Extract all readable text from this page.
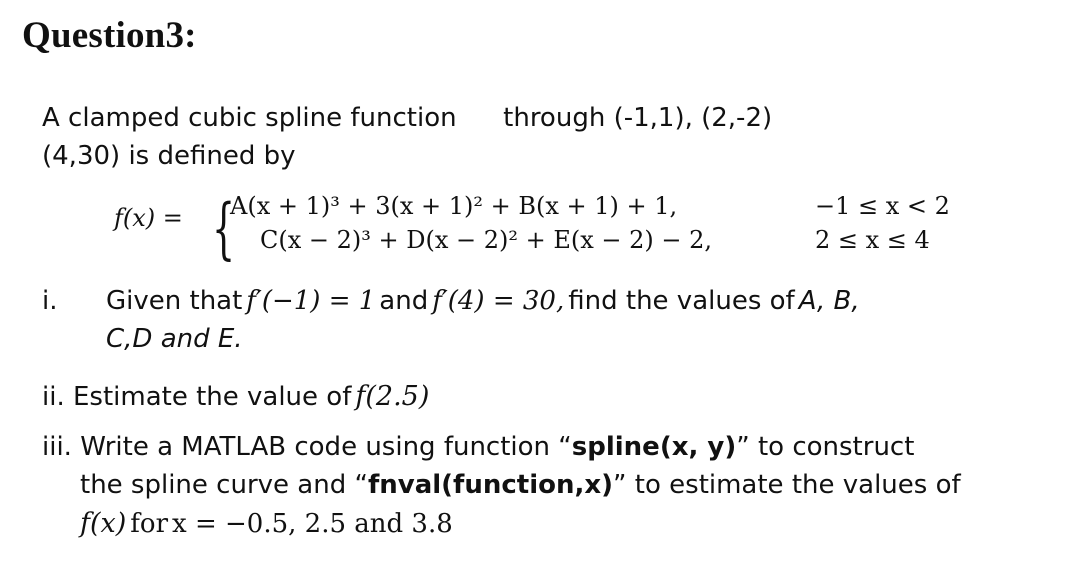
Question3:
A clamped cubic spline function through (-1,1), (2,-2)
(4,30) is defined by
f(x) = {
A(x + 1)³ + 3(x + 1)² + B(x + 1) + 1,	−1 ≤ x < 2
C(x − 2)³ + D(x − 2)² + E(x − 2) − 2,	2 ≤ x ≤ 4
i. Given that f′(−1) = 1 and f′(4) = 30, find the values of A, B,
C,D and E.
ii. Estimate the value of f(2.5)
iii. Write a MATLAB code using function “spline(x, y)” to construct
the spline curve and “fnval(function,x)” to estimate the values of
f(x) for x = −0.5, 2.5 and 3.8
